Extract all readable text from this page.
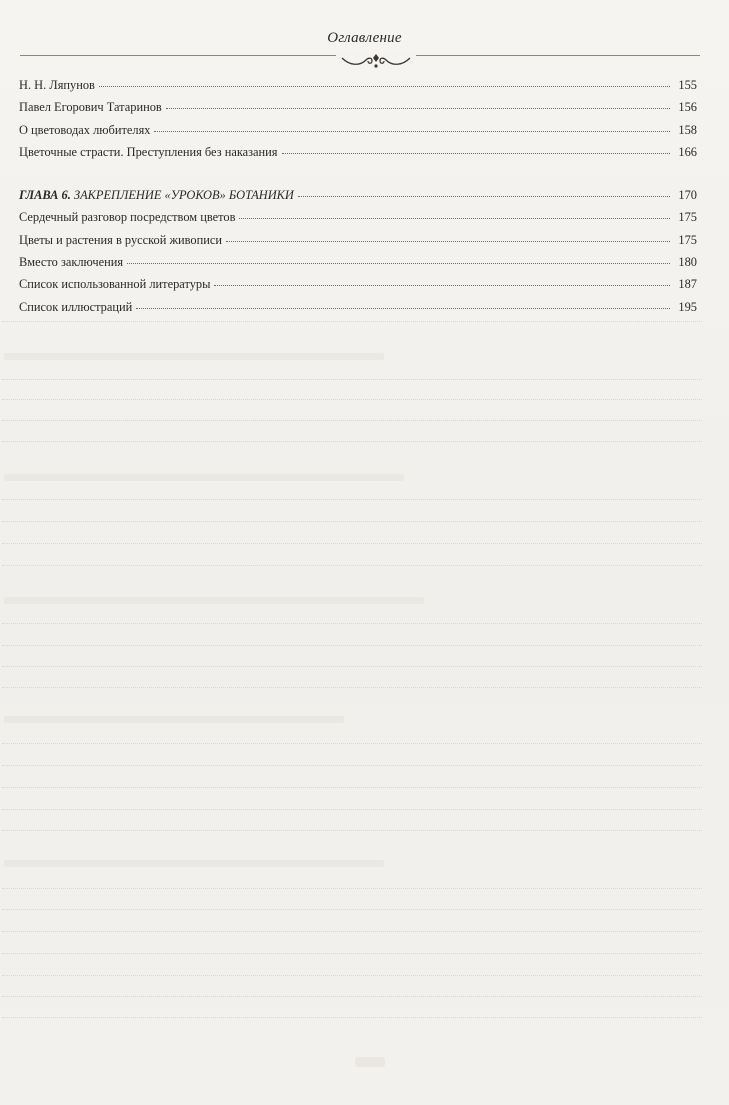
Оглавление
Н. Н. Ляпунов	155
Павел Егорович Татаринов	156
О цветоводах любителях	158
Цветочные страсти. Преступления без наказания	166
ГЛАВА 6. ЗАКРЕПЛЕНИЕ «УРОКОВ» БОТАНИКИ	170
Сердечный разговор посредством цветов	175
Цветы и растения в русской живописи	175
Вместо заключения	180
Список использованной литературы	187
Список иллюстраций	195
